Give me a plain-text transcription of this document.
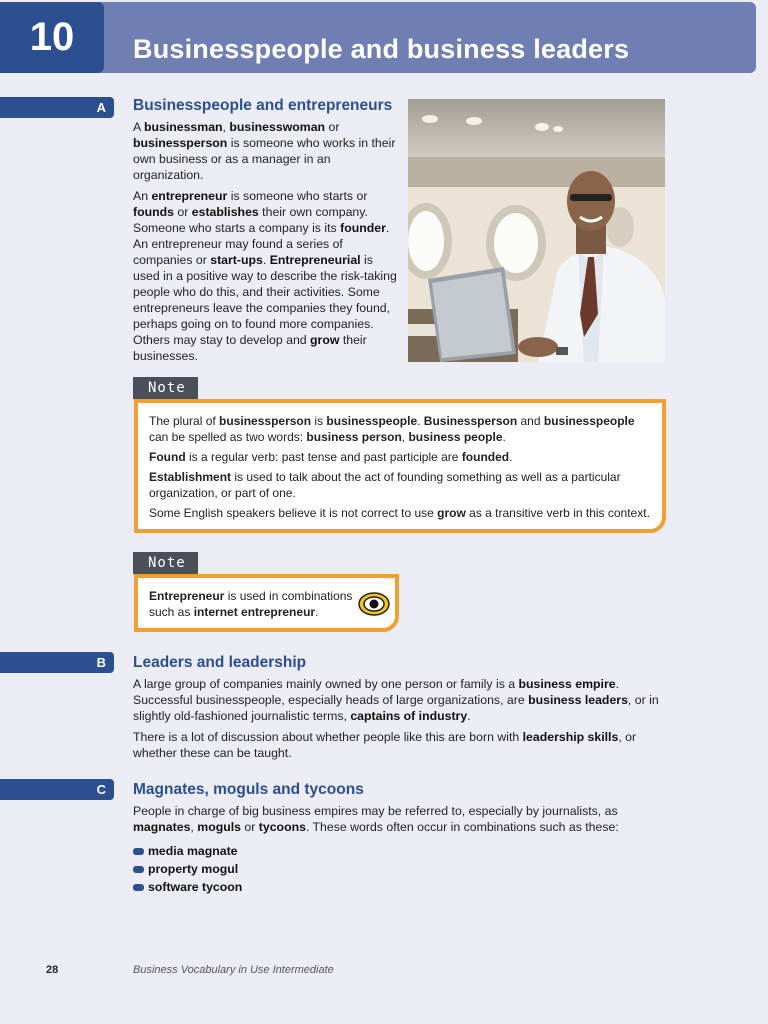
10	Businesspeople and business leaders
A	Businesspeople and entrepreneurs

A businessman, businesswoman or businessperson is someone who works in their own business or as a manager in an organization.

An entrepreneur is someone who starts or founds or establishes their own company. Someone who starts a company is its founder. An entrepreneur may found a series of companies or start-ups. Entrepreneurial is used in a positive way to describe the risk-taking people who do this, and their activities. Some entrepreneurs leave the companies they found, perhaps going on to found more companies. Others may stay to develop and grow their businesses.

Note

The plural of businessperson is businesspeople. Businessperson and businesspeople can be spelled as two words: business person, business people.

Found is a regular verb: past tense and past participle are founded.

Establishment is used to talk about the act of founding something as well as a particular organization, or part of one.

Some English speakers believe it is not correct to use grow as a transitive verb in this context.

Note

Entrepreneur is used in combinations such as internet entrepreneur.

B	Leaders and leadership

A large group of companies mainly owned by one person or family is a business empire. Successful businesspeople, especially heads of large organizations, are business leaders, or in slightly old-fashioned journalistic terms, captains of industry.

There is a lot of discussion about whether people like this are born with leadership skills, or whether these can be taught.

C	Magnates, moguls and tycoons

People in charge of big business empires may be referred to, especially by journalists, as magnates, moguls or tycoons. These words often occur in combinations such as these:

media magnate
property mogul
software tycoon
28	Business Vocabulary in Use Intermediate
